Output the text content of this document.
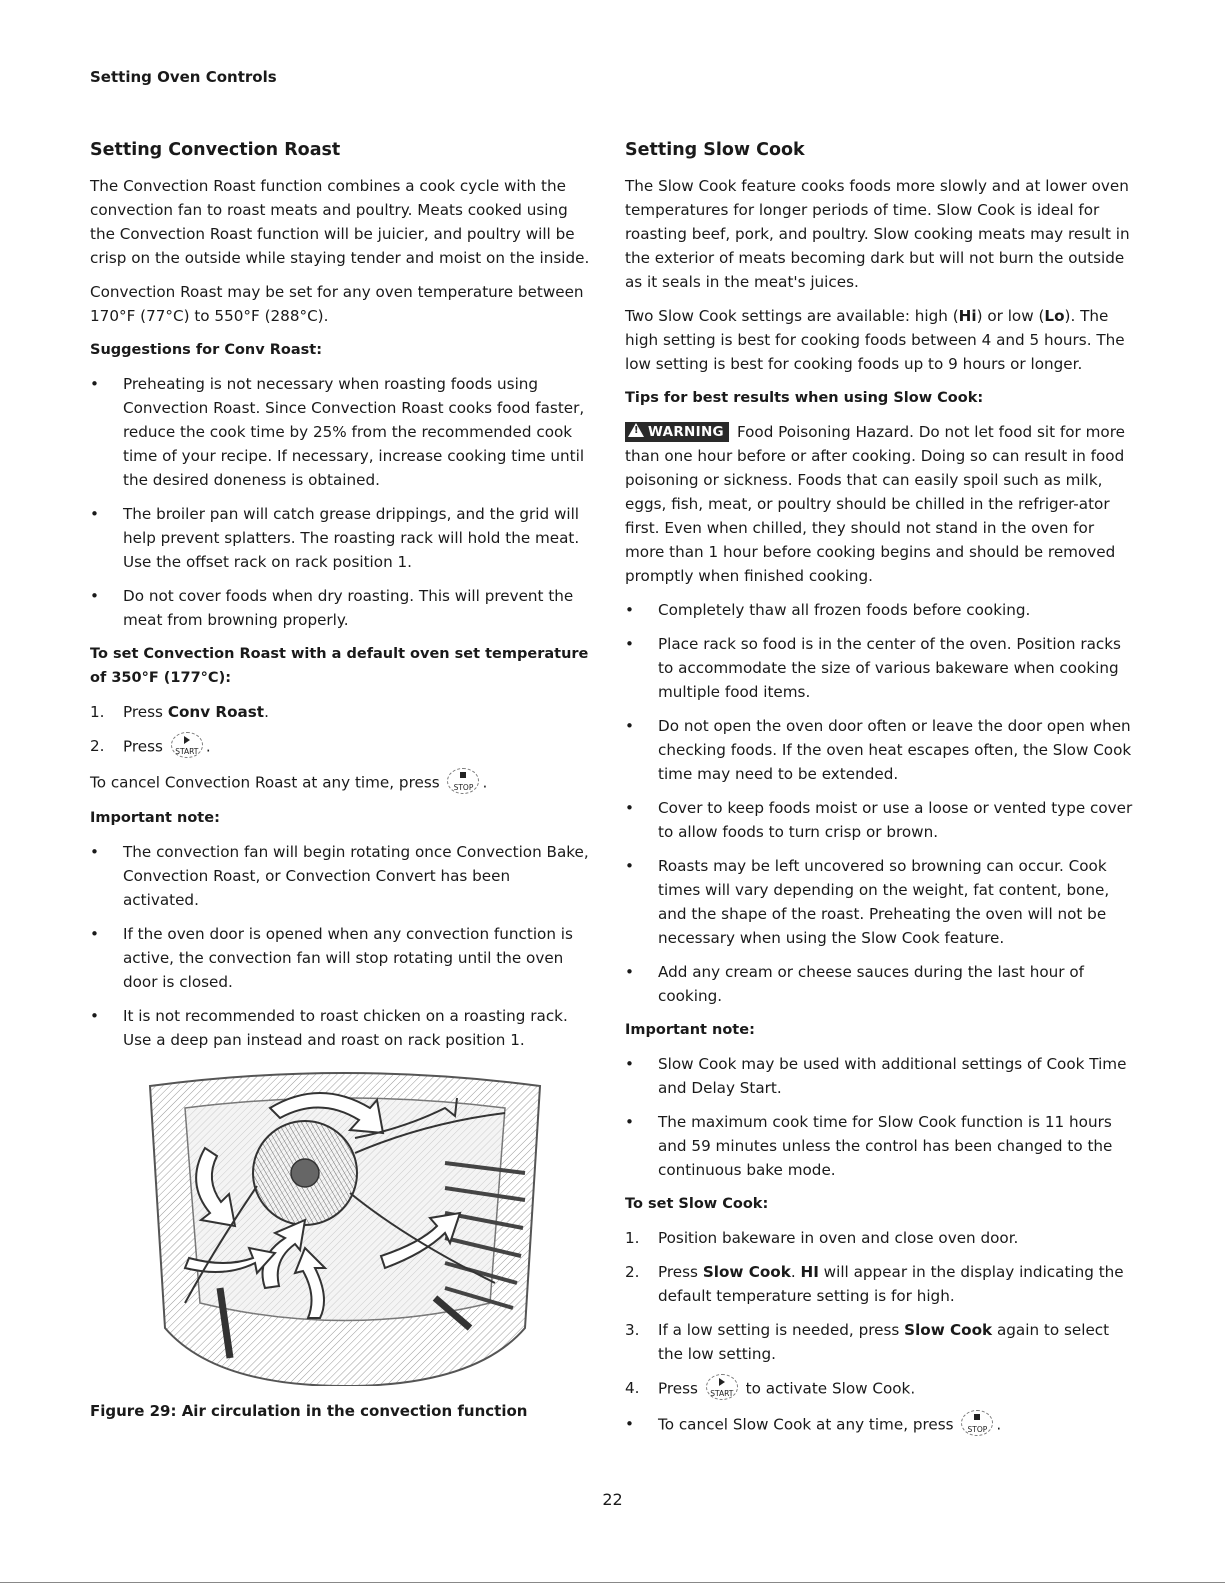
Setting Oven Controls
Setting Convection Roast

The Convection Roast function combines a cook cycle with the convection fan to roast meats and poultry. Meats cooked using the Convection Roast function will be juicier, and poultry will be crisp on the outside while staying tender and moist on the inside.

Convection Roast may be set for any oven temperature between 170°F (77°C) to 550°F (288°C).

Suggestions for Conv Roast:
• Preheating is not necessary when roasting foods using Convection Roast. Since Convection Roast cooks food faster, reduce the cook time by 25% from the recommended cook time of your recipe. If necessary, increase cooking time until the desired doneness is obtained.
• The broiler pan will catch grease drippings, and the grid will help prevent splatters. The roasting rack will hold the meat. Use the offset rack on rack position 1.
• Do not cover foods when dry roasting. This will prevent the meat from browning properly.
To set Convection Roast with a default oven set temperature of 350°F (177°C):
1. Press Conv Roast.
2. Press	START .

To cancel Convection Roast at any time, press	STOP .

Important note:
• The convection fan will begin rotating once Convection Bake, Convection Roast, or Convection Convert has been activated.
• If the oven door is opened when any convection function is active, the convection fan will stop rotating until the oven door is closed.
• It is not recommended to roast chicken on a roasting rack. Use a deep pan instead and roast on rack position 1.
Figure 29: Air circulation in the convection function
Setting Slow Cook

The Slow Cook feature cooks foods more slowly and at lower oven temperatures for longer periods of time. Slow Cook is ideal for roasting beef, pork, and poultry. Slow cooking meats may result in the exterior of meats becoming dark but will not burn the outside as it seals in the meat's juices.

Two Slow Cook settings are available: high (Hi) or low (Lo). The high setting is best for cooking foods between 4 and 5 hours. The low setting is best for cooking foods up to 9 hours or longer.

Tips for best results when using Slow Cook:

! WARNING Food Poisoning Hazard. Do not let food sit for more than one hour before or after cooking. Doing so can result in food poisoning or sickness. Foods that can easily spoil such as milk, eggs, fish, meat, or poultry should be chilled in the refriger-ator first. Even when chilled, they should not stand in the oven for more than 1 hour before cooking begins and should be removed promptly when finished cooking.

• Completely thaw all frozen foods before cooking.
• Place rack so food is in the center of the oven. Position racks to accommodate the size of various bakeware when cooking multiple food items.
• Do not open the oven door often or leave the door open when checking foods. If the oven heat escapes often, the Slow Cook time may need to be extended.
• Cover to keep foods moist or use a loose or vented type cover to allow foods to turn crisp or brown.
• Roasts may be left uncovered so browning can occur. Cook times will vary depending on the weight, fat content, bone, and the shape of the roast. Preheating the oven will not be necessary when using the Slow Cook feature.
• Add any cream or cheese sauces during the last hour of cooking.
Important note:
• Slow Cook may be used with additional settings of Cook Time and Delay Start.
• The maximum cook time for Slow Cook function is 11 hours and 59 minutes unless the control has been changed to the continuous bake mode.
To set Slow Cook:
1. Position bakeware in oven and close oven door.
2. Press Slow Cook. HI will appear in the display indicating the default temperature setting is for high.
3. If a low setting is needed, press Slow Cook again to select the low setting.
4. Press	START to activate Slow Cook.
• To cancel Slow Cook at any time, press	STOP .
22
